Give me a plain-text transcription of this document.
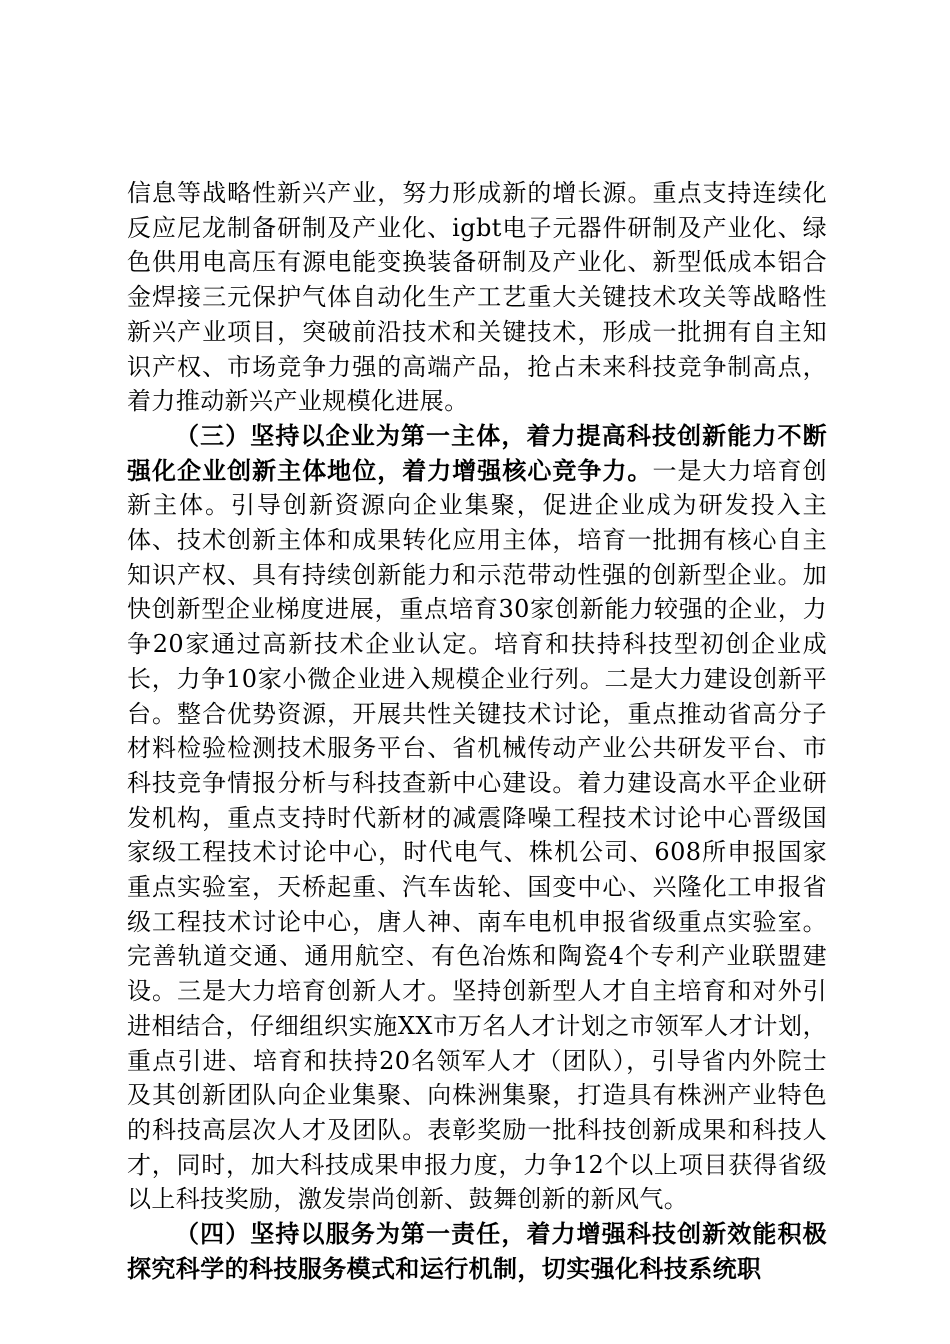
信息等战略性新兴产业，努力形成新的增长源。重点支持连续化反应尼龙制备研制及产业化、igbt电子元器件研制及产业化、绿色供用电高压有源电能变换装备研制及产业化、新型低成本铝合金焊接三元保护气体自动化生产工艺重大关键技术攻关等战略性新兴产业项目，突破前沿技术和关键技术，形成一批拥有自主知识产权、市场竞争力强的高端产品，抢占未来科技竞争制高点，着力推动新兴产业规模化进展。

（三）坚持以企业为第一主体，着力提高科技创新能力不断强化企业创新主体地位，着力增强核心竞争力。一是大力培育创新主体。引导创新资源向企业集聚，促进企业成为研发投入主体、技术创新主体和成果转化应用主体，培育一批拥有核心自主知识产权、具有持续创新能力和示范带动性强的创新型企业。加快创新型企业梯度进展，重点培育30家创新能力较强的企业，力争20家通过高新技术企业认定。培育和扶持科技型初创企业成长，力争10家小微企业进入规模企业行列。二是大力建设创新平台。整合优势资源，开展共性关键技术讨论，重点推动省高分子材料检验检测技术服务平台、省机械传动产业公共研发平台、市科技竞争情报分析与科技查新中心建设。着力建设高水平企业研发机构，重点支持时代新材的减震降噪工程技术讨论中心晋级国家级工程技术讨论中心，时代电气、株机公司、608所申报国家重点实验室，天桥起重、汽车齿轮、国变中心、兴隆化工申报省级工程技术讨论中心，唐人神、南车电机申报省级重点实验室。完善轨道交通、通用航空、有色冶炼和陶瓷4个专利产业联盟建设。三是大力培育创新人才。坚持创新型人才自主培育和对外引进相结合，仔细组织实施XX市万名人才计划之市领军人才计划，重点引进、培育和扶持20名领军人才（团队），引导省内外院士及其创新团队向企业集聚、向株洲集聚，打造具有株洲产业特色的科技高层次人才及团队。表彰奖励一批科技创新成果和科技人才，同时，加大科技成果申报力度，力争12个以上项目获得省级以上科技奖励，激发崇尚创新、鼓舞创新的新风气。

（四）坚持以服务为第一责任，着力增强科技创新效能积极探究科学的科技服务模式和运行机制，切实强化科技系统职
